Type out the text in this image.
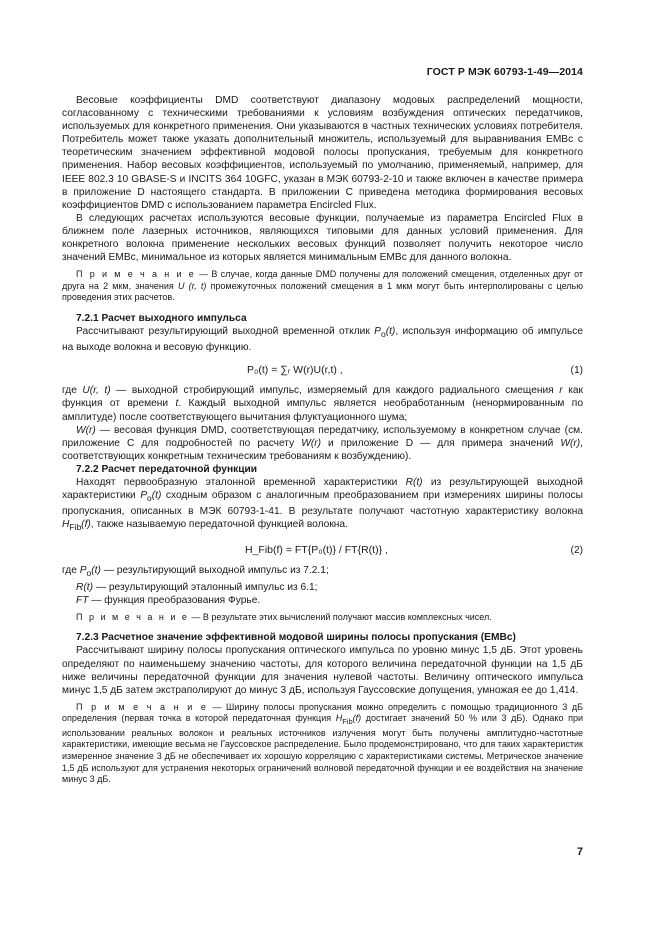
ГОСТ Р МЭК 60793-1-49—2014

Весовые коэффициенты DMD соответствуют диапазону модовых распределений мощности, согласованному с техническими требованиями к условиям возбуждения оптических передатчиков, используемых для конкретного применения. Они указываются в частных технических условиях потребителя. Потребитель может также указать дополнительный множитель, используемый для выравнивания EMBc с теоретическим значением эффективной модовой полосы пропускания, требуемым для конкретного применения. Набор весовых коэффициентов, используемый по умолчанию, применяемый, например, для IEEE 802.3 10 GBASE-S и INCITS 364 10GFC, указан в МЭК 60793-2-10 и также включен в качестве примера в приложение D настоящего стандарта. В приложении C приведена методика формирования весовых коэффициентов DMD с использованием параметра Encircled Flux.

В следующих расчетах используются весовые функции, получаемые из параметра Encircled Flux в ближнем поле лазерных источников, являющихся типовыми для данных условий применения. Для конкретного волокна применение нескольких весовых функций позволяет получить некоторое число значений EMBc, минимальное из которых является минимальным EMBc для данного волокна.

П р и м е ч а н и е — В случае, когда данные DMD получены для положений смещения, отделенных друг от друга на 2 мкм, значения U (r, t) промежуточных положений смещения в 1 мкм могут быть интерполированы с целью проведения этих расчетов.

7.2.1 Расчет выходного импульса

Рассчитывают результирующий выходной временной отклик $P_o(t)$, используя информацию об импульсе на выходе волокна и весовую функцию.

P₀(t) = ∑ᵣ W(r)U(r,t) ,	(1)

где U(r, t) — выходной стробирующий импульс, измеряемый для каждого радиального смещения r как функция от времени t. Каждый выходной импульс является необработанным (ненормированным по амплитуде) после соответствующего вычитания флуктуационного шума;

W(r) — весовая функция DMD, соответствующая передатчику, используемому в конкретном случае (см. приложение C для подробностей по расчету W(r) и приложение D — для примера значений W(r), соответствующих конкретным техническим требованиям к возбуждению).

7.2.2 Расчет передаточной функции

Находят первообразную эталонной временной характеристики R(t) из результирующей выходной характеристики $P_o(t)$ сходным образом с аналогичным преобразованием при измерениях ширины полосы пропускания, описанных в МЭК 60793-1-41. В результате получают частотную характеристику волокна $H_{Fib}(f)$, также называемую передаточной функцией волокна.

H_Fib(f) = FT{P₀(t)} / FT{R(t)} ,	(2)

где $P_o(t)$ — результирующий выходной импульс из 7.2.1;

R(t) — результирующий эталонный импульс из 6.1;

FT — функция преобразования Фурье.

П р и м е ч а н и е — В результате этих вычислений получают массив комплексных чисел.

7.2.3 Расчетное значение эффективной модовой ширины полосы пропускания (EMBc)

Рассчитывают ширину полосы пропускания оптического импульса по уровню минус 1,5 дБ. Этот уровень определяют по наименьшему значению частоты, для которого величина передаточной функции на 1,5 дБ ниже величины передаточной функции для значения нулевой частоты. Величину оптического импульса минус 1,5 дБ затем экстраполируют до минус 3 дБ, используя Гауссовские допущения, умножая ее до 1,414.

П р и м е ч а н и е — Ширину полосы пропускания можно определить с помощью традиционного 3 дБ определения (первая точка в которой передаточная функция $H_{Fib}(f)$ достигает значений 50 % или 3 дБ). Однако при использовании реальных волокон и реальных источников излучения могут быть получены амплитудно-частотные характеристики, имеющие весьма не Гауссовское распределение. Было продемонстрировано, что для таких характеристик измеренное значение 3 дБ не обеспечивает их хорошую корреляцию с характеристиками системы. Метрическое значение 1,5 дБ используют для устранения некоторых ограничений волновой передаточной функции и ее воздействия на значение минус 3 дБ.

7
